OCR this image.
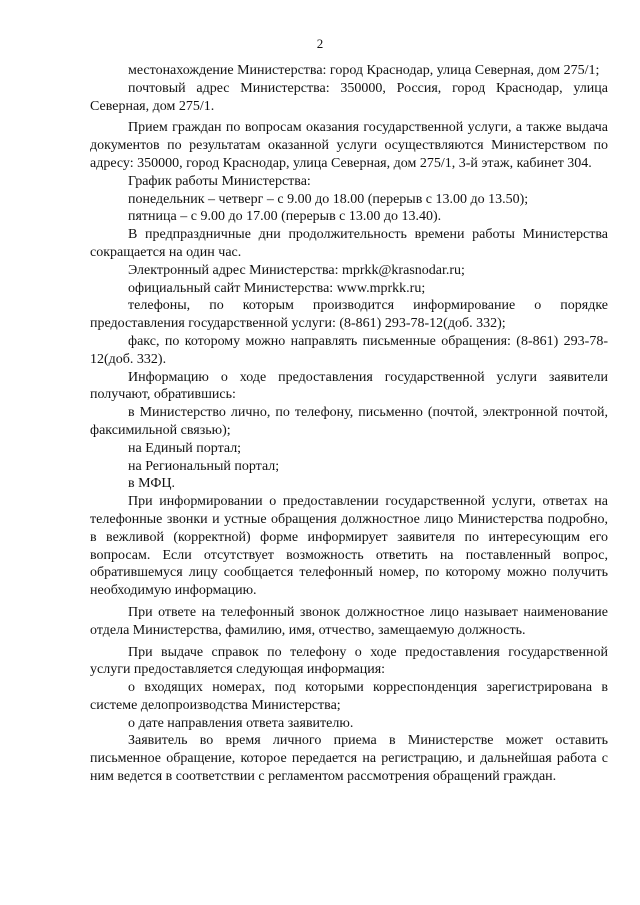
2

местонахождение Министерства: город Краснодар, улица Северная, дом 275/1;

почтовый адрес Министерства: 350000, Россия, город Краснодар, улица Северная, дом 275/1.

Прием граждан по вопросам оказания государственной услуги, а также выдача документов по результатам оказанной услуги осуществляются Министерством по адресу: 350000, город Краснодар, улица Северная, дом 275/1, 3-й этаж, кабинет 304.

График работы Министерства:

понедельник – четверг – с 9.00 до 18.00 (перерыв с 13.00 до 13.50);

пятница – с 9.00 до 17.00 (перерыв с 13.00 до 13.40).

В предпраздничные дни продолжительность времени работы Министерства сокращается на один час.

Электронный адрес Министерства: mprkk@krasnodar.ru;

официальный сайт Министерства: www.mprkk.ru;

телефоны, по которым производится информирование о порядке предоставления государственной услуги: (8-861) 293-78-12(доб. 332);

факс, по которому можно направлять письменные обращения: (8-861) 293-78-12(доб. 332).

Информацию о ходе предоставления государственной услуги заявители получают, обратившись:

в Министерство лично, по телефону, письменно (почтой, электронной почтой, факсимильной связью);

на Единый портал;

на Региональный портал;

в МФЦ.

При информировании о предоставлении государственной услуги, ответах на телефонные звонки и устные обращения должностное лицо Министерства подробно, в вежливой (корректной) форме информирует заявителя по интересующим его вопросам. Если отсутствует возможность ответить на поставленный вопрос, обратившемуся лицу сообщается телефонный номер, по которому можно получить необходимую информацию.

При ответе на телефонный звонок должностное лицо называет наименование отдела Министерства, фамилию, имя, отчество, замещаемую должность.

При выдаче справок по телефону о ходе предоставления государственной услуги предоставляется следующая информация:

о входящих номерах, под которыми корреспонденция зарегистрирована в системе делопроизводства Министерства;

о дате направления ответа заявителю.

Заявитель во время личного приема в Министерстве может оставить письменное обращение, которое передается на регистрацию, и дальнейшая работа с ним ведется в соответствии с регламентом рассмотрения обращений граждан.
